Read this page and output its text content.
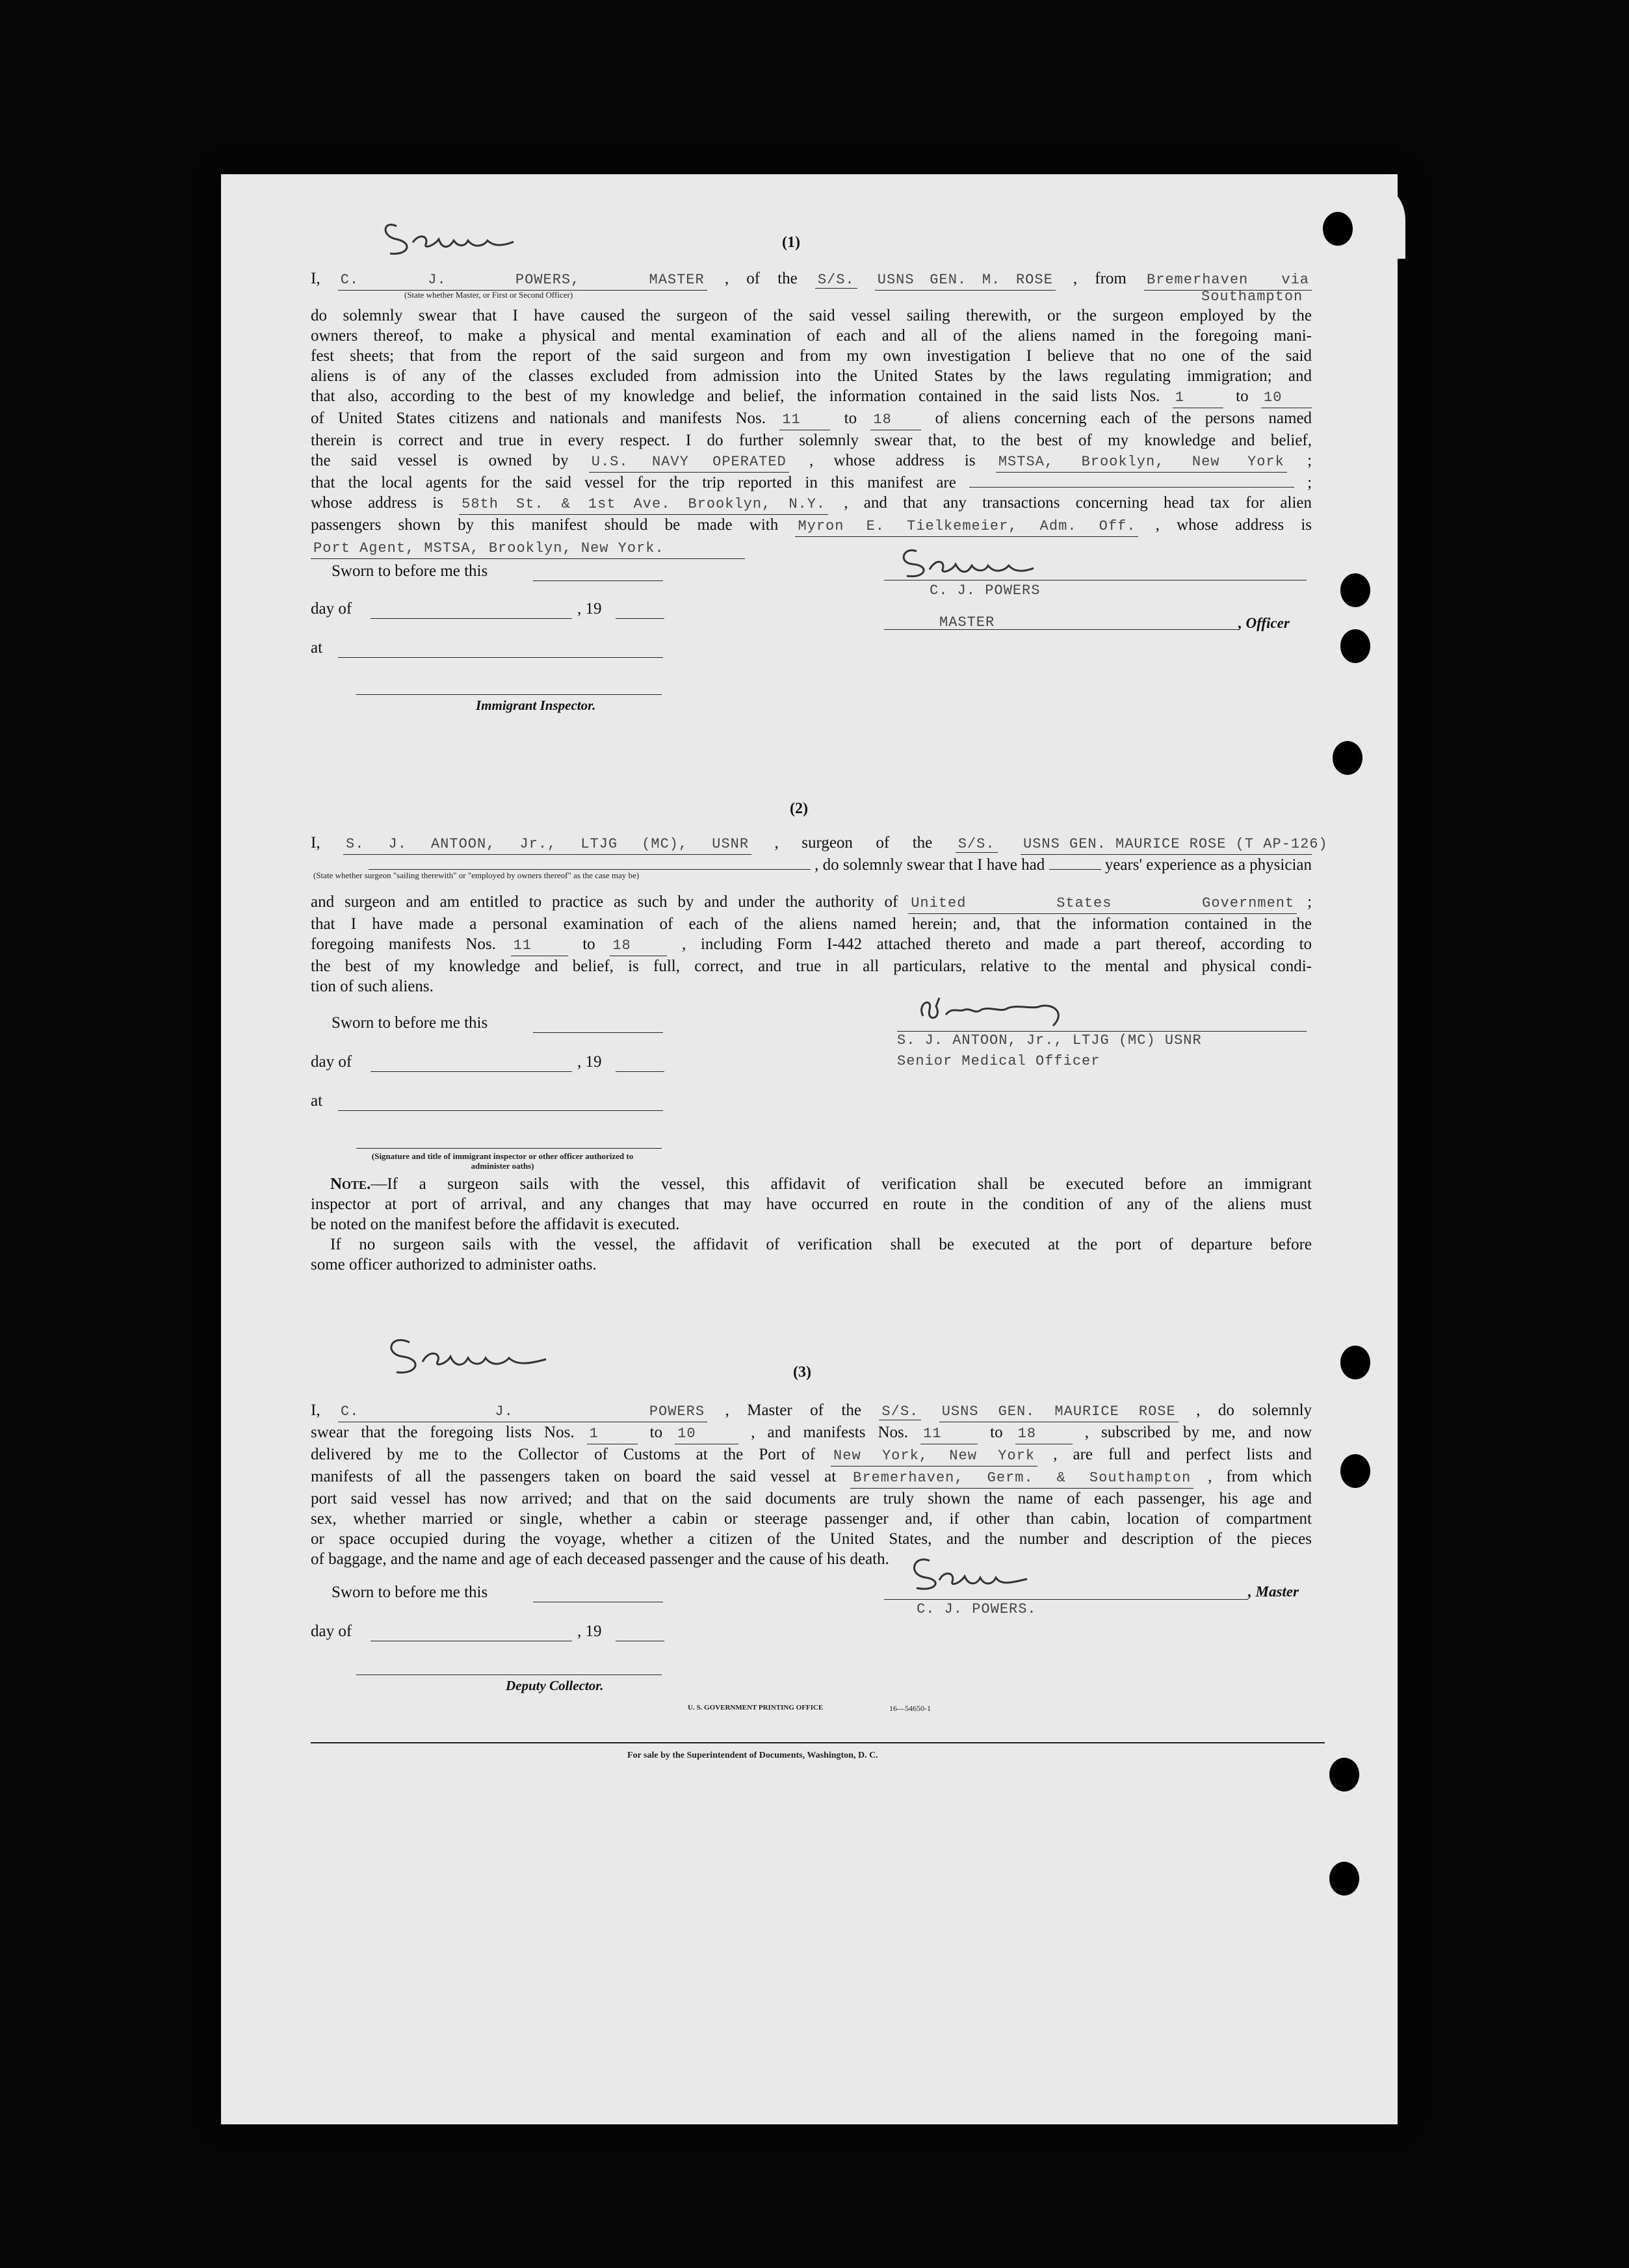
(1)
I, C. J. POWERS, MASTER , of the S/S. USNS GEN. M. ROSE , from Bremerhaven via
(State whether Master, or First or Second Officer)	Southampton
do solemnly swear that I have caused the surgeon of the said vessel sailing therewith, or the surgeon employed by the
owners thereof, to make a physical and mental examination of each and all of the aliens named in the foregoing mani-
fest sheets; that from the report of the said surgeon and from my own investigation I believe that no one of the said
aliens is of any of the classes excluded from admission into the United States by the laws regulating immigration; and
that also, according to the best of my knowledge and belief, the information contained in the said lists Nos. 1	to 10
of United States citizens and nationals and manifests Nos. 11	to 18	of aliens concerning each of the persons named
therein is correct and true in every respect. I do further solemnly swear that, to the best of my knowledge and belief,
the said vessel is owned by U.S. NAVY OPERATED , whose address is MSTSA, Brooklyn, New York ;
that the local agents for the said vessel for the trip reported in this manifest are	;
whose address is 58th St. & 1st Ave. Brooklyn, N.Y. , and that any transactions concerning head tax for alien
passengers shown by this manifest should be made with Myron E. Tielkemeier, Adm. Off. , whose address is
Port Agent, MSTSA, Brooklyn, New York.
Sworn to before me this
day of	, 19
at
Immigrant Inspector.
C. J. POWERS
MASTER	, Officer
(2)
I, S. J. ANTOON, Jr., LTJG (MC), USNR , surgeon of the S/S. USNS GEN. MAURICE ROSE (T AP-126)
, do solemnly swear that I have had	years' experience as a physician
(State whether surgeon "sailing therewith" or "employed by owners thereof" as the case may be)
and surgeon and am entitled to practice as such by and under the authority of United States Government ;
that I have made a personal examination of each of the aliens named herein; and, that the information contained in the
foregoing manifests Nos. 11	to 18	, including Form I-442 attached thereto and made a part thereof, according to
the best of my knowledge and belief, is full, correct, and true in all particulars, relative to the mental and physical condi-
tion of such aliens.
Sworn to before me this
day of	, 19
at
(Signature and title of immigrant inspector or other officer authorized to administer oaths)
S. J. ANTOON, Jr., LTJG (MC) USNR
Senior Medical Officer
Note.—If a surgeon sails with the vessel, this affidavit of verification shall be executed before an immigrant
inspector at port of arrival, and any changes that may have occurred en route in the condition of any of the aliens must
be noted on the manifest before the affidavit is executed.
If no surgeon sails with the vessel, the affidavit of verification shall be executed at the port of departure before
some officer authorized to administer oaths.
(3)
I, C. J. POWERS , Master of the S/S. USNS GEN. MAURICE ROSE , do solemnly
swear that the foregoing lists Nos. 1	to 10	, and manifests Nos. 11	to 18	, subscribed by me, and now
delivered by me to the Collector of Customs at the Port of New York, New York , are full and perfect lists and
manifests of all the passengers taken on board the said vessel at Bremerhaven, Germ. & Southampton , from which
port said vessel has now arrived; and that on the said documents are truly shown the name of each passenger, his age and
sex, whether married or single, whether a cabin or steerage passenger and, if other than cabin, location of compartment
or space occupied during the voyage, whether a citizen of the United States, and the number and description of the pieces
of baggage, and the name and age of each deceased passenger and the cause of his death.
Sworn to before me this
day of	, 19
Deputy Collector.
C. J. POWERS.
, Master
U. S. GOVERNMENT PRINTING OFFICE	16—54650-1
For sale by the Superintendent of Documents, Washington, D. C.
